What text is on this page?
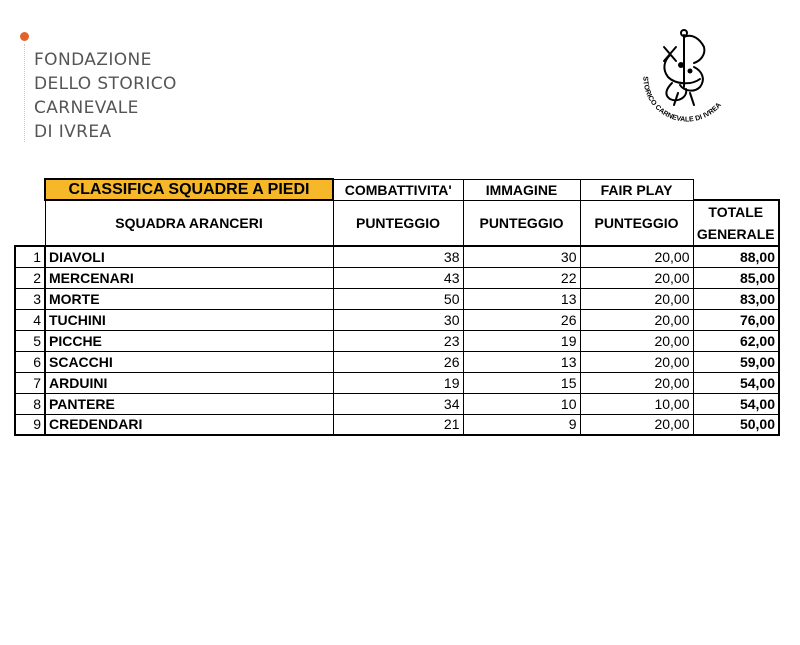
FONDAZIONE
DELLO STORICO
CARNEVALE
DI IVREA
STORICO CARNEVALE DI IVREA
	CLASSIFICA SQUADRE A PIEDI	COMBATTIVITA'	IMMAGINE	FAIR PLAY	
	SQUADRA ARANCERI	PUNTEGGIO	PUNTEGGIO	PUNTEGGIO	TOTALE
GENERALE

1	DIAVOLI	38	30	20,00	88,00
2	MERCENARI	43	22	20,00	85,00
3	MORTE	50	13	20,00	83,00
4	TUCHINI	30	26	20,00	76,00
5	PICCHE	23	19	20,00	62,00
6	SCACCHI	26	13	20,00	59,00
7	ARDUINI	19	15	20,00	54,00
8	PANTERE	34	10	10,00	54,00
9	CREDENDARI	21	9	20,00	50,00
